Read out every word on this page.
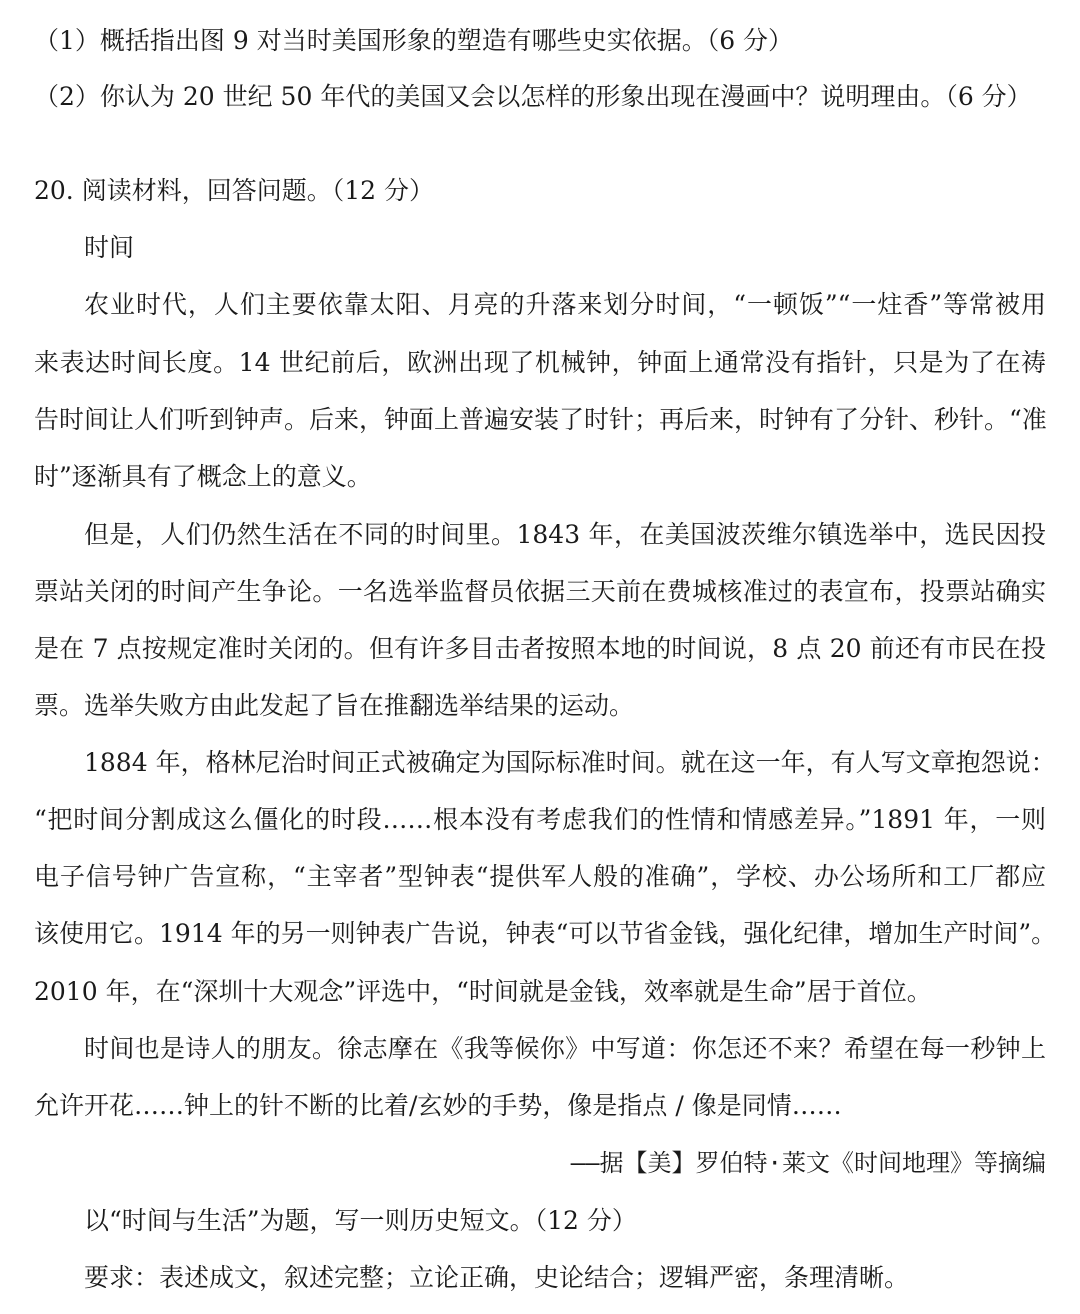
（1）概括指出图 9 对当时美国形象的塑造有哪些史实依据。（6 分）
（2）你认为 20 世纪 50 年代的美国又会以怎样的形象出现在漫画中？说明理由。（6 分）
20. 阅读材料，回答问题。（12 分）
时间
农业时代，人们主要依靠太阳、月亮的升落来划分时间，“一顿饭”“一炷香”等常被用
来表达时间长度。14 世纪前后，欧洲出现了机械钟，钟面上通常没有指针，只是为了在祷
告时间让人们听到钟声。后来，钟面上普遍安装了时针；再后来，时钟有了分针、秒针。“准
时”逐渐具有了概念上的意义。
但是，人们仍然生活在不同的时间里。1843 年，在美国波茨维尔镇选举中，选民因投
票站关闭的时间产生争论。一名选举监督员依据三天前在费城核准过的表宣布，投票站确实
是在 7 点按规定准时关闭的。但有许多目击者按照本地的时间说，8 点 20 前还有市民在投
票。选举失败方由此发起了旨在推翻选举结果的运动。
1884 年，格林尼治时间正式被确定为国际标准时间。就在这一年，有人写文章抱怨说：
“把时间分割成这么僵化的时段……根本没有考虑我们的性情和情感差异。”1891 年，一则
电子信号钟广告宣称，“主宰者”型钟表“提供军人般的准确”，学校、办公场所和工厂都应
该使用它。1914 年的另一则钟表广告说，钟表“可以节省金钱，强化纪律，增加生产时间”。
2010 年，在“深圳十大观念”评选中，“时间就是金钱，效率就是生命”居于首位。
时间也是诗人的朋友。徐志摩在《我等候你》中写道：你怎还不来？希望在每一秒钟上
允许开花……钟上的针不断的比着/玄妙的手势，像是指点 / 像是同情……
——据【美】罗伯特·莱文《时间地理》等摘编
以“时间与生活”为题，写一则历史短文。（12 分）
要求：表述成文，叙述完整；立论正确，史论结合；逻辑严密，条理清晰。
